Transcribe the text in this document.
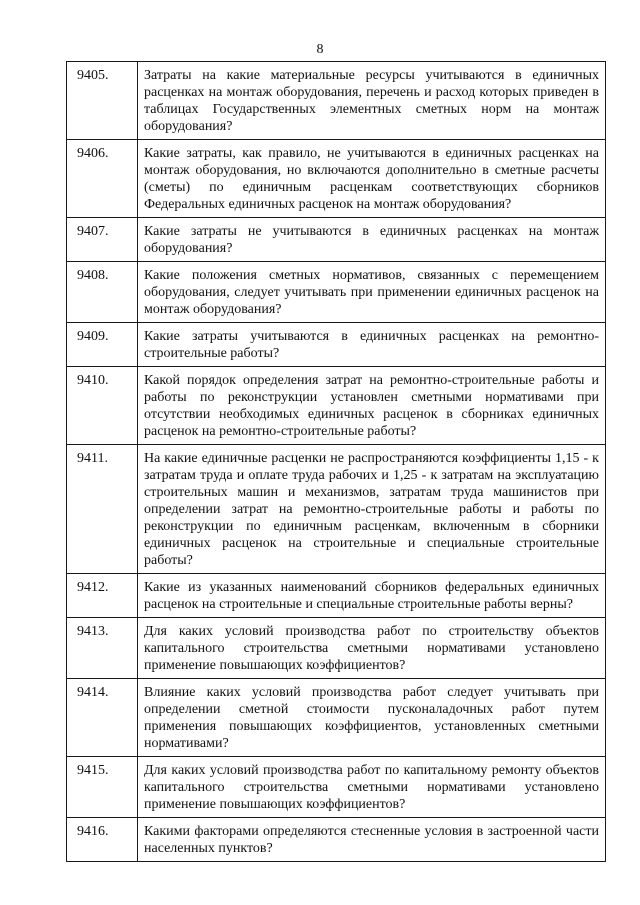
8
9405.	Затраты на какие материальные ресурсы учитываются в единичных расценках на монтаж оборудования, перечень и расход которых приведен в таблицах Государственных элементных сметных норм на монтаж оборудования?
9406.	Какие затраты, как правило, не учитываются в единичных расценках на монтаж оборудования, но включаются дополнительно в сметные расчеты (сметы) по единичным расценкам соответствующих сборников Федеральных единичных расценок на монтаж оборудования?
9407.	Какие затраты не учитываются в единичных расценках на монтаж оборудования?
9408.	Какие положения сметных нормативов, связанных с перемещением оборудования, следует учитывать при применении единичных расценок на монтаж оборудования?
9409.	Какие затраты учитываются в единичных расценках на ремонтно-строительные работы?
9410.	Какой порядок определения затрат на ремонтно-строительные работы и работы по реконструкции установлен сметными нормативами при отсутствии необходимых единичных расценок в сборниках единичных расценок на ремонтно-строительные работы?
9411.	На какие единичные расценки не распространяются коэффициенты 1,15 - к затратам труда и оплате труда рабочих и 1,25 - к затратам на эксплуатацию строительных машин и механизмов, затратам труда машинистов при определении затрат на ремонтно-строительные работы и работы по реконструкции по единичным расценкам, включенным в сборники единичных расценок на строительные и специальные строительные работы?
9412.	Какие из указанных наименований сборников федеральных единичных расценок на строительные и специальные строительные работы верны?
9413.	Для каких условий производства работ по строительству объектов капитального строительства сметными нормативами установлено применение повышающих коэффициентов?
9414.	Влияние каких условий производства работ следует учитывать при определении сметной стоимости пусконаладочных работ путем применения повышающих коэффициентов, установленных сметными нормативами?
9415.	Для каких условий производства работ по капитальному ремонту объектов капитального строительства сметными нормативами установлено применение повышающих коэффициентов?
9416.	Какими факторами определяются стесненные условия в застроенной части населенных пунктов?
